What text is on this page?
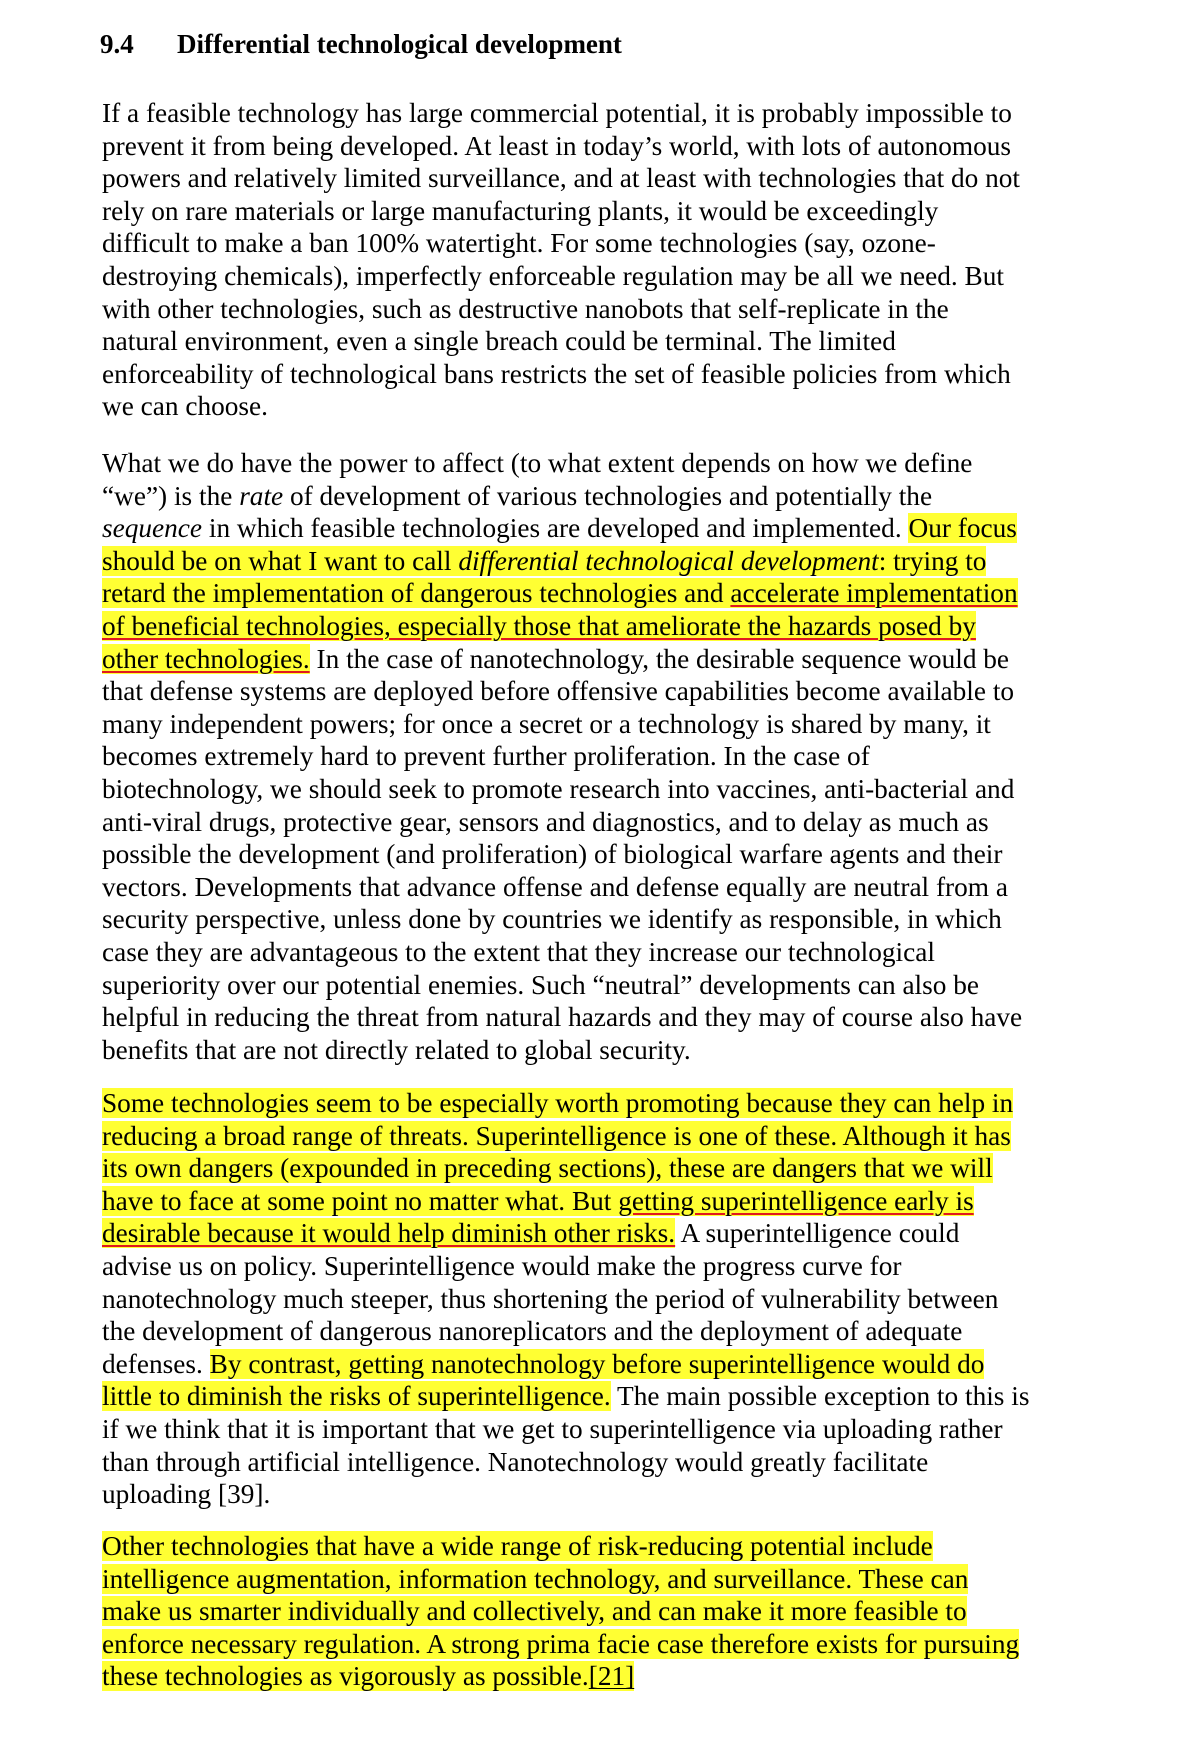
9.4 Differential technological development
If a feasible technology has large commercial potential, it is probably impossible to
prevent it from being developed. At least in today’s world, with lots of autonomous
powers and relatively limited surveillance, and at least with technologies that do not
rely on rare materials or large manufacturing plants, it would be exceedingly
difficult to make a ban 100% watertight. For some technologies (say, ozone-
destroying chemicals), imperfectly enforceable regulation may be all we need. But
with other technologies, such as destructive nanobots that self-replicate in the
natural environment, even a single breach could be terminal. The limited
enforceability of technological bans restricts the set of feasible policies from which
we can choose.
What we do have the power to affect (to what extent depends on how we define
“we”) is the rate of development of various technologies and potentially the
sequence in which feasible technologies are developed and implemented. Our focus
should be on what I want to call differential technological development: trying to
retard the implementation of dangerous technologies and accelerate implementation
of beneficial technologies, especially those that ameliorate the hazards posed by
other technologies. In the case of nanotechnology, the desirable sequence would be
that defense systems are deployed before offensive capabilities become available to
many independent powers; for once a secret or a technology is shared by many, it
becomes extremely hard to prevent further proliferation. In the case of
biotechnology, we should seek to promote research into vaccines, anti-bacterial and
anti-viral drugs, protective gear, sensors and diagnostics, and to delay as much as
possible the development (and proliferation) of biological warfare agents and their
vectors. Developments that advance offense and defense equally are neutral from a
security perspective, unless done by countries we identify as responsible, in which
case they are advantageous to the extent that they increase our technological
superiority over our potential enemies. Such “neutral” developments can also be
helpful in reducing the threat from natural hazards and they may of course also have
benefits that are not directly related to global security.
Some technologies seem to be especially worth promoting because they can help in
reducing a broad range of threats. Superintelligence is one of these. Although it has
its own dangers (expounded in preceding sections), these are dangers that we will
have to face at some point no matter what. But getting superintelligence early is
desirable because it would help diminish other risks. A superintelligence could
advise us on policy. Superintelligence would make the progress curve for
nanotechnology much steeper, thus shortening the period of vulnerability between
the development of dangerous nanoreplicators and the deployment of adequate
defenses. By contrast, getting nanotechnology before superintelligence would do
little to diminish the risks of superintelligence. The main possible exception to this is
if we think that it is important that we get to superintelligence via uploading rather
than through artificial intelligence. Nanotechnology would greatly facilitate
uploading [39].
Other technologies that have a wide range of risk-reducing potential include
intelligence augmentation, information technology, and surveillance. These can
make us smarter individually and collectively, and can make it more feasible to
enforce necessary regulation. A strong prima facie case therefore exists for pursuing
these technologies as vigorously as possible.[21]
